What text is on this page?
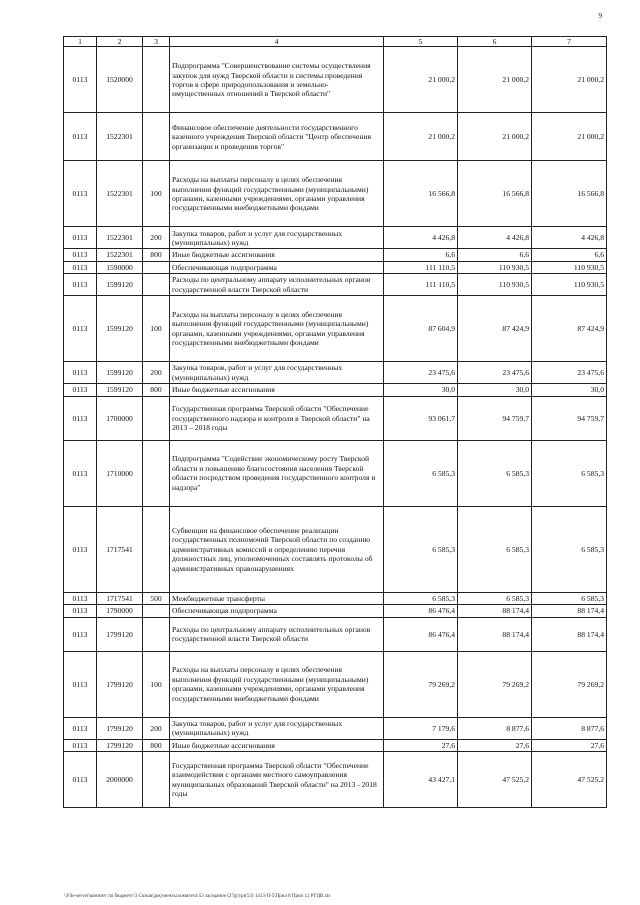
9
1	2	3	4	5	6	7
0113	1520000		Подпрограмма "Совершенствование системы осуществления закупок для нужд Тверской области и системы проведения торгов в сфере природопользования и земельно-имущественных отношений в Тверской области"	21 000,2	21 000,2	21 000,2
0113	1522301		Финансовое обеспечение деятельности государственного казенного учреждения Тверской области "Центр обеспечения организации и проведения торгов"	21 000,2	21 000,2	21 000,2
0113	1522301	100	Расходы на выплаты персоналу в целях обеспечения выполнения функций государственными (муниципальными) органами, казенными учреждениями, органами управления государственными внебюджетными фондами	16 566,8	16 566,8	16 566,8
0113	1522301	200	Закупка товаров, работ и услуг для государственных (муниципальных) нужд	4 426,8	4 426,8	4 426,8
0113	1522301	800	Иные бюджетные ассигнования	6,6	6,6	6,6
0113	1590000		Обеспечивающая подпрограмма	111 110,5	110 930,5	110 930,5
0113	1599120		Расходы по центральному аппарату исполнительных органов государственной власти Тверской области	111 110,5	110 930,5	110 930,5
0113	1599120	100	Расходы на выплаты персоналу в целях обеспечения выполнения функций государственными (муниципальными) органами, казенными учреждениями, органами управления государственными внебюджетными фондами	87 604,9	87 424,9	87 424,9
0113	1599120	200	Закупка товаров, работ и услуг для государственных (муниципальных) нужд	23 475,6	23 475,6	23 475,6
0113	1599120	800	Иные бюджетные ассигнования	30,0	30,0	30,0
0113	1700000		Государственная программа Тверской области "Обеспечение государственного надзора и контроля в Тверской области" на 2013 – 2018 годы	93 061,7	94 759,7	94 759,7
0113	1710000		Подпрограмма "Содействие экономическому росту Тверской области и повышению благосостояния населения Тверской области посредством проведения государственного контроля и надзора"	6 585,3	6 585,3	6 585,3
0113	1717541		Субвенции на финансовое обеспечение реализации государственных полномочий Тверской области по созданию административных комиссий и определению перечня должностных лиц, уполномоченных составлять протоколы об административных правонарушениях	6 585,3	6 585,3	6 585,3
0113	1717541	500	Межбюджетные трансферты	6 585,3	6 585,3	6 585,3
0113	1790000		Обеспечивающая подпрограмма	86 476,4	88 174,4	88 174,4
0113	1799120		Расходы по центральному аппарату исполнительных органов государственной власти Тверской области	86 476,4	88 174,4	88 174,4
0113	1799120	100	Расходы на выплаты персоналу в целях обеспечения выполнения функций государственными (муниципальными) органами, казенными учреждениями, органами управления государственными внебюджетными фондами	79 269,2	79 269,2	79 269,2
0113	1799120	200	Закупка товаров, работ и услуг для государственных (муниципальных) нужд	7 179,6	8 877,6	8 877,6
0113	1799120	800	Иные бюджетные ассигнования	27,6	27,6	27,6
0113	2000000		Государственная программа Тверской области "Обеспечение взаимодействия с органами местного самоуправления муниципальных образований Тверской области" на 2013 - 2018 годы	43 427,1	47 525,2	47 525,2
\\File-server\комитет по бюджету\3 Созыв\документы комитета\53 заседание (27gr)\pr(53) 1413-П-5\Прил 8 Прил 12 РГЦВ.xls
